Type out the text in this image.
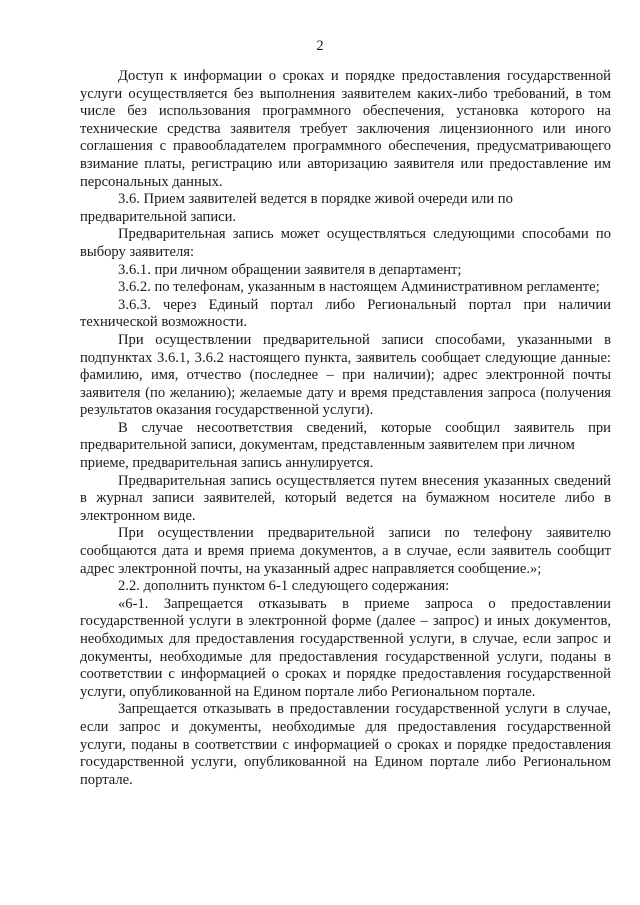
2

Доступ к информации о сроках и порядке предоставления государственной услуги осуществляется без выполнения заявителем каких-либо требований, в том числе без использования программного обеспечения, установка которого на технические средства заявителя требует заключения лицензионного или иного соглашения с правообладателем программного обеспечения, предусматривающего взимание платы, регистрацию или авторизацию заявителя или предоставление им персональных данных.

3.6. Прием заявителей ведется в порядке живой очереди или по

предварительной записи.

Предварительная запись может осуществляться следующими способами по выбору заявителя:

3.6.1. при личном обращении заявителя в департамент;

3.6.2. по телефонам, указанным в настоящем Административном регламенте;

3.6.3. через Единый портал либо Региональный портал при наличии технической возможности.

При осуществлении предварительной записи способами, указанными в подпунктах 3.6.1, 3.6.2 настоящего пункта, заявитель сообщает следующие данные: фамилию, имя, отчество (последнее – при наличии); адрес электронной почты заявителя (по желанию); желаемые дату и время представления запроса (получения результатов оказания государственной услуги).

В случае несоответствия сведений, которые сообщил заявитель при предварительной записи, документам, представленным заявителем при личном

приеме, предварительная запись аннулируется.

Предварительная запись осуществляется путем внесения указанных сведений в журнал записи заявителей, который ведется на бумажном носителе либо в электронном виде.

При осуществлении предварительной записи по телефону заявителю сообщаются дата и время приема документов, а в случае, если заявитель сообщит адрес электронной почты, на указанный адрес направляется сообщение.»;

2.2. дополнить пунктом 6-1 следующего содержания:

«6-1. Запрещается отказывать в приеме запроса о предоставлении государственной услуги в электронной форме (далее – запрос) и иных документов, необходимых для предоставления государственной услуги, в случае, если запрос и документы, необходимые для предоставления государственной услуги, поданы в соответствии с информацией о сроках и порядке предоставления государственной услуги, опубликованной на Едином портале либо Региональном портале.

Запрещается отказывать в предоставлении государственной услуги в случае, если запрос и документы, необходимые для предоставления государственной услуги, поданы в соответствии с информацией о сроках и порядке предоставления государственной услуги, опубликованной на Едином портале либо Региональном портале.
